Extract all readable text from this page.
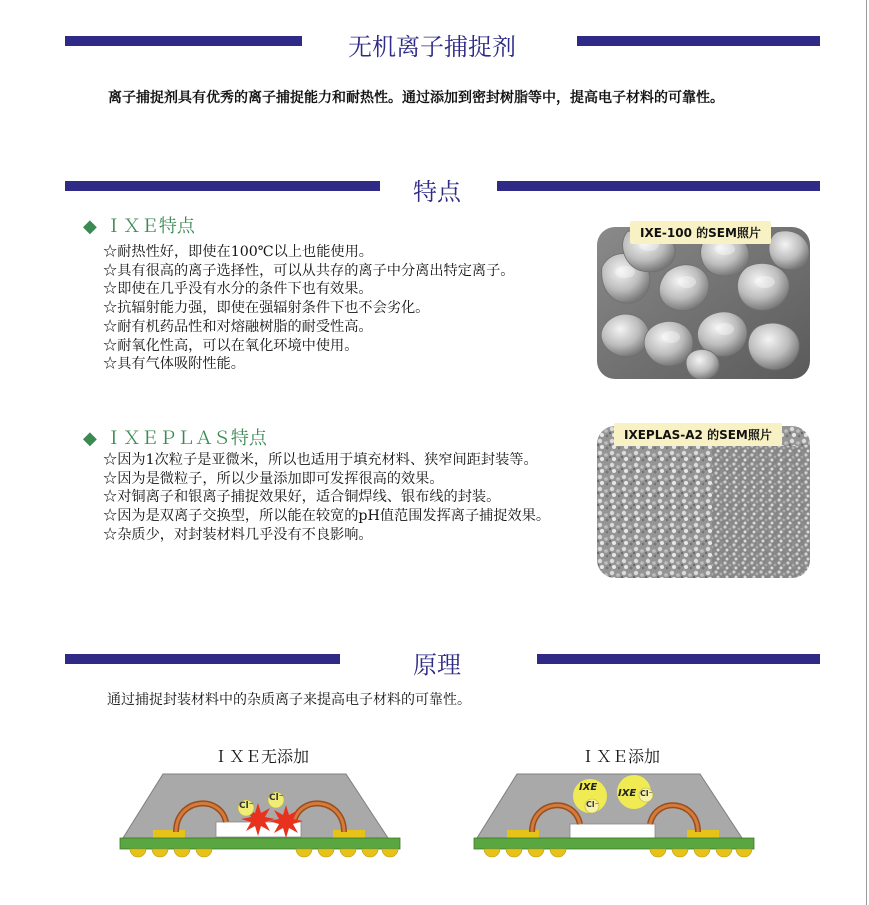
无机离子捕捉剂
离子捕捉剂具有优秀的离子捕捉能力和耐热性。通过添加到密封树脂等中，提高电子材料的可靠性。
特点
◆ ＩＸＥ特点
☆耐热性好，即使在100℃以上也能使用。
☆具有很高的离子选择性，可以从共存的离子中分离出特定离子。
☆即使在几乎没有水分的条件下也有效果。
☆抗辐射能力强，即使在强辐射条件下也不会劣化。
☆耐有机药品性和对熔融树脂的耐受性高。
☆耐氧化性高，可以在氧化环境中使用。
☆具有气体吸附性能。
IXE-100 的SEM照片
◆ ＩＸＥＰＬＡＳ特点
☆因为1次粒子是亚微米，所以也适用于填充材料、狭窄间距封装等。
☆因为是微粒子，所以少量添加即可发挥很高的效果。
☆对铜离子和银离子捕捉效果好，适合铜焊线、银布线的封装。
☆因为是双离子交换型，所以能在较宽的pH值范围发挥离子捕捉效果。
☆杂质少，对封装材料几乎没有不良影响。
IXEPLAS-A2 的SEM照片
原理
通过捕捉封装材料中的杂质离子来提高电子材料的可靠性。
ＩＸＥ无添加	ＩＸＥ添加
Cl⁻
Cl⁻
IXE
Cl⁻
IXE Cl⁻
